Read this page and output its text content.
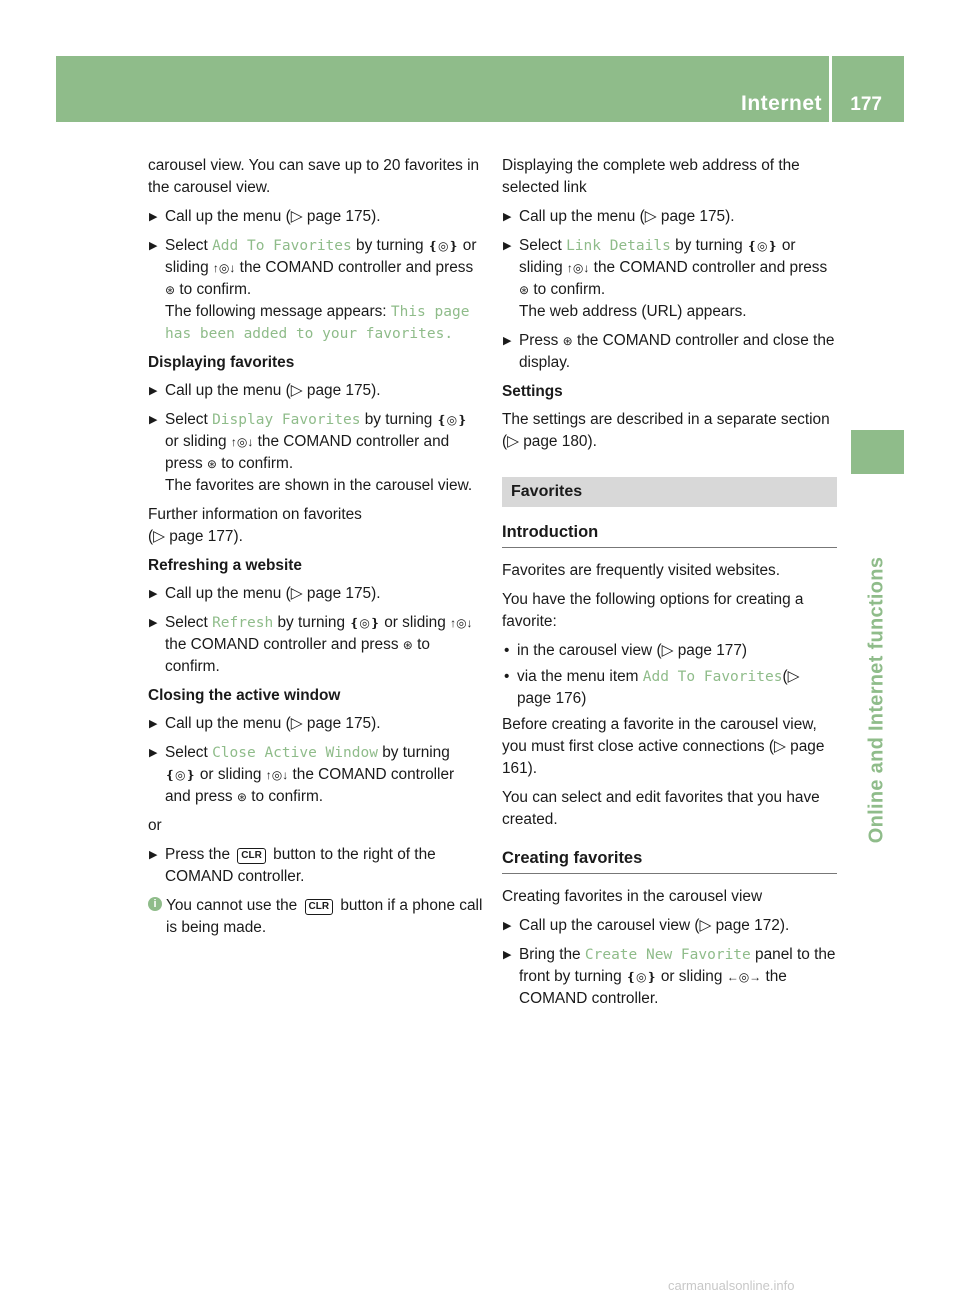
Internet 177
Online and Internet functions

carousel view. You can save up to 20 favorites in the carousel view.

▶ Call up the menu (▷ page 175).
▶ Select Add To Favorites by turning ❴◎❵ or sliding ↑◎↓ the COMAND controller and press ⊛ to confirm.
The following message appears: This page has been added to your favorites.
Displaying favorites
▶ Call up the menu (▷ page 175).
▶ Select Display Favorites by turning ❴◎❵ or sliding ↑◎↓ the COMAND controller and press ⊛ to confirm.
The favorites are shown in the carousel view.

Further information on favorites
(▷ page 177).

Refreshing a website
▶ Call up the menu (▷ page 175).
▶ Select Refresh by turning ❴◎❵ or sliding ↑◎↓ the COMAND controller and press ⊛ to confirm.
Closing the active window
▶ Call up the menu (▷ page 175).
▶ Select Close Active Window by turning ❴◎❵ or sliding ↑◎↓ the COMAND controller and press ⊛ to confirm.

or

▶ Press the CLR button to the right of the COMAND controller.
i You cannot use the CLR button if a phone call is being made.

Displaying the complete web address of the selected link

▶ Call up the menu (▷ page 175).
▶ Select Link Details by turning ❴◎❵ or sliding ↑◎↓ the COMAND controller and press ⊛ to confirm.
The web address (URL) appears.
▶ Press ⊛ the COMAND controller and close the display.
Settings

The settings are described in a separate section (▷ page 180).

Favorites
Introduction

Favorites are frequently visited websites.

You have the following options for creating a favorite:

• in the carousel view (▷ page 177)
• via the menu item Add To Favorites(▷ page 176)

Before creating a favorite in the carousel view, you must first close active connections (▷ page 161).

You can select and edit favorites that you have created.

Creating favorites

Creating favorites in the carousel view

▶ Call up the carousel view (▷ page 172).
▶ Bring the Create New Favorite panel to the front by turning ❴◎❵ or sliding ←◎→ the COMAND controller.
carmanualsonline.info
